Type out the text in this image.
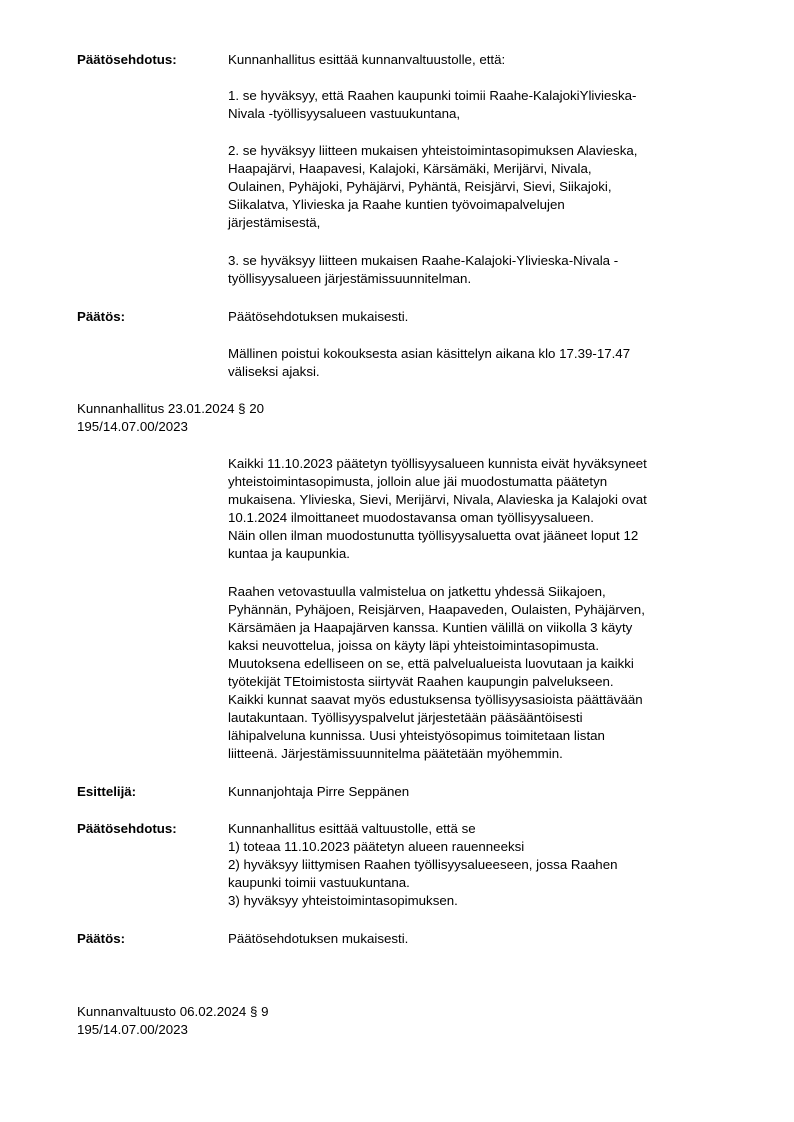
Päätösehdotus:	Kunnanhallitus esittää kunnanvaltuustolle, että:
1. se hyväksyy, että Raahen kaupunki toimii Raahe-KalajokiYlivieska-
Nivala -työllisyysalueen vastuukuntana,
2. se hyväksyy liitteen mukaisen yhteistoimintasopimuksen Alavieska,
Haapajärvi, Haapavesi, Kalajoki, Kärsämäki, Merijärvi, Nivala,
Oulainen, Pyhäjoki, Pyhäjärvi, Pyhäntä, Reisjärvi, Sievi, Siikajoki,
Siikalatva, Ylivieska ja Raahe kuntien työvoimapalvelujen
järjestämisestä,
3. se hyväksyy liitteen mukaisen Raahe-Kalajoki-Ylivieska-Nivala -
työllisyysalueen järjestämissuunnitelman.
Päätös:	Päätösehdotuksen mukaisesti.
Mällinen poistui kokouksesta asian käsittelyn aikana klo 17.39-17.47
väliseksi ajaksi.
Kunnanhallitus 23.01.2024 § 20
195/14.07.00/2023
Kaikki 11.10.2023 päätetyn työllisyysalueen kunnista eivät hyväksyneet
yhteistoimintasopimusta, jolloin alue jäi muodostumatta päätetyn
mukaisena. Ylivieska, Sievi, Merijärvi, Nivala, Alavieska ja Kalajoki ovat
10.1.2024 ilmoittaneet muodostavansa oman työllisyysalueen.
Näin ollen ilman muodostunutta työllisyysaluetta ovat jääneet loput 12
kuntaa ja kaupunkia.
Raahen vetovastuulla valmistelua on jatkettu yhdessä Siikajoen,
Pyhännän, Pyhäjoen, Reisjärven, Haapaveden, Oulaisten, Pyhäjärven,
Kärsämäen ja Haapajärven kanssa. Kuntien välillä on viikolla 3 käyty
kaksi neuvottelua, joissa on käyty läpi yhteistoimintasopimusta.
Muutoksena edelliseen on se, että palvelualueista luovutaan ja kaikki
työtekijät TEtoimistosta siirtyvät Raahen kaupungin palvelukseen.
Kaikki kunnat saavat myös edustuksensa työllisyysasioista päättävään
lautakuntaan. Työllisyyspalvelut järjestetään pääsääntöisesti
lähipalveluna kunnissa. Uusi yhteistyösopimus toimitetaan listan
liitteenä. Järjestämissuunnitelma päätetään myöhemmin.
Esittelijä:	Kunnanjohtaja Pirre Seppänen
Päätösehdotus:	Kunnanhallitus esittää valtuustolle, että se
1) toteaa 11.10.2023 päätetyn alueen rauenneeksi
2) hyväksyy liittymisen Raahen työllisyysalueeseen, jossa Raahen
kaupunki toimii vastuukuntana.
3) hyväksyy yhteistoimintasopimuksen.
Päätös:	Päätösehdotuksen mukaisesti.
Kunnanvaltuusto 06.02.2024 § 9
195/14.07.00/2023
